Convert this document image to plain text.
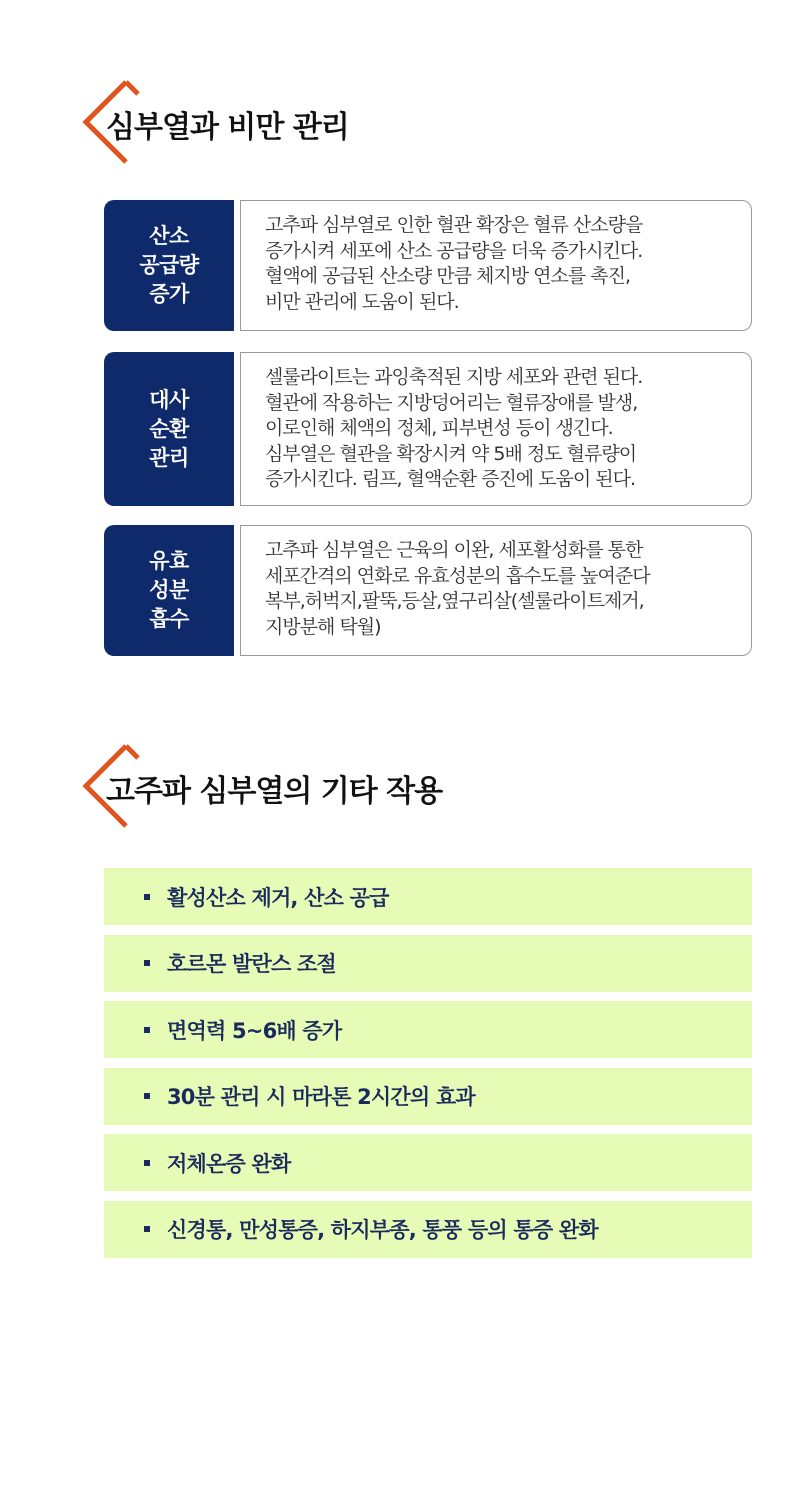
심부열과 비만 관리
산소
공급량
증가

고추파 심부열로 인한 혈관 확장은 혈류 산소량을
증가시켜 세포에 산소 공급량을 더욱 증가시킨다.
혈액에 공급된 산소량 만큼 체지방 연소를 촉진,
비만 관리에 도움이 된다.

대사
순환
관리

셀룰라이트는 과잉축적된 지방 세포와 관련 된다.
혈관에 작용하는 지방덩어리는 혈류장애를 발생,
이로인해 체액의 정체, 피부변성 등이 생긴다.
심부열은 혈관을 확장시켜 약 5배 정도 혈류량이
증가시킨다. 림프, 혈액순환 증진에 도움이 된다.

유효
성분
흡수

고추파 심부열은 근육의 이완, 세포활성화를 통한
세포간격의 연화로 유효성분의 흡수도를 높여준다
복부,허벅지,팔뚝,등살,옆구리살(셀룰라이트제거,
지방분해 탁월)

고주파 심부열의 기타 작용
활성산소 제거, 산소 공급
호르몬 발란스 조절
면역력 5~6배 증가
30분 관리 시 마라톤 2시간의 효과
저체온증 완화
신경통, 만성통증, 하지부종, 통풍 등의 통증 완화
